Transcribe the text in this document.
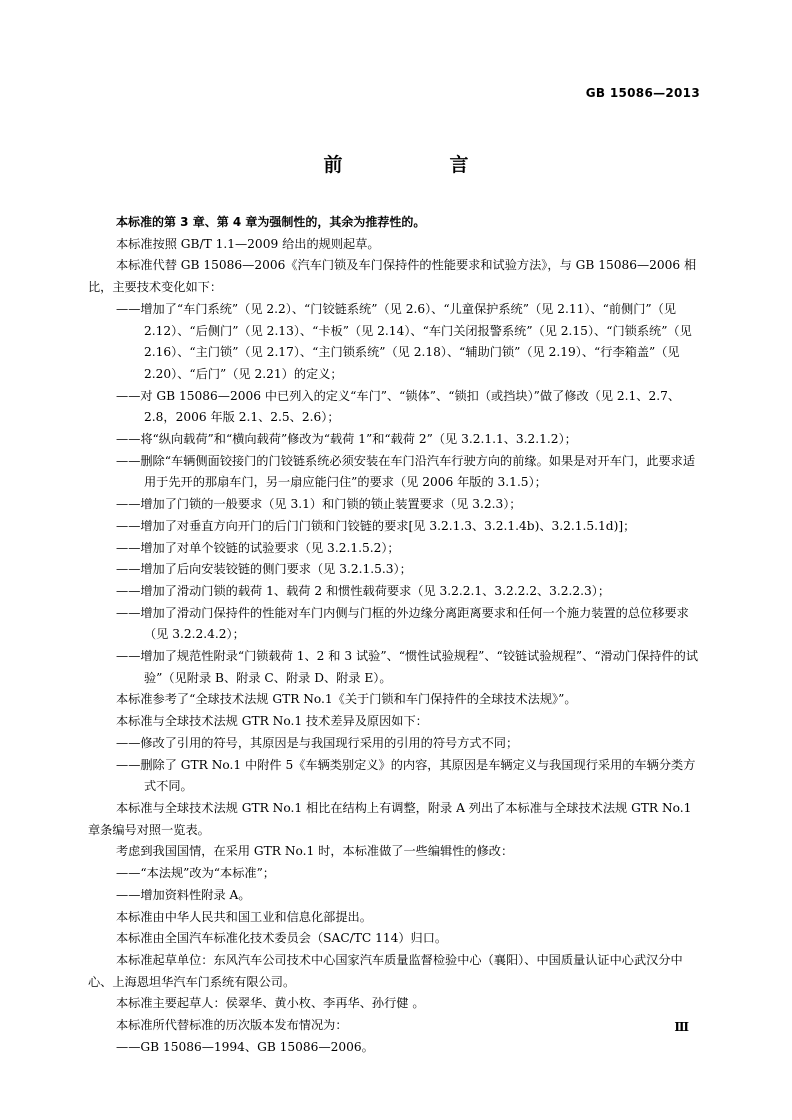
GB 15086—2013
前　言

本标准的第 3 章、第 4 章为强制性的，其余为推荐性的。

本标准按照 GB/T 1.1—2009 给出的规则起草。

本标准代替 GB 15086—2006《汽车门锁及车门保持件的性能要求和试验方法》，与 GB 15086—2006 相比，主要技术变化如下：

——增加了“车门系统”（见 2.2）、“门铰链系统”（见 2.6）、“儿童保护系统”（见 2.11）、“前侧门”（见 2.12）、“后侧门”（见 2.13）、“卡板”（见 2.14）、“车门关闭报警系统”（见 2.15）、“门锁系统”（见 2.16）、“主门锁”（见 2.17）、“主门锁系统”（见 2.18）、“辅助门锁”（见 2.19）、“行李箱盖”（见 2.20）、“后门”（见 2.21）的定义；

——对 GB 15086—2006 中已列入的定义“车门”、“锁体”、“锁扣（或挡块）”做了修改（见 2.1、2.7、2.8，2006 年版 2.1、2.5、2.6）；

——将“纵向载荷”和“横向载荷”修改为“载荷 1”和“载荷 2”（见 3.2.1.1、3.2.1.2）；

——删除“车辆侧面铰接门的门铰链系统必须安装在车门沿汽车行驶方向的前缘。如果是对开车门，此要求适用于先开的那扇车门，另一扇应能闩住”的要求（见 2006 年版的 3.1.5）；

——增加了门锁的一般要求（见 3.1）和门锁的锁止装置要求（见 3.2.3）；

——增加了对垂直方向开门的后门门锁和门铰链的要求[见 3.2.1.3、3.2.1.4b)、3.2.1.5.1d)]；

——增加了对单个铰链的试验要求（见 3.2.1.5.2）；

——增加了后向安装铰链的侧门要求（见 3.2.1.5.3）；

——增加了滑动门锁的载荷 1、载荷 2 和惯性载荷要求（见 3.2.2.1、3.2.2.2、3.2.2.3）；

——增加了滑动门保持件的性能对车门内侧与门框的外边缘分离距离要求和任何一个施力装置的总位移要求（见 3.2.2.4.2）；

——增加了规范性附录“门锁载荷 1、2 和 3 试验”、“惯性试验规程”、“铰链试验规程”、“滑动门保持件的试验”（见附录 B、附录 C、附录 D、附录 E）。

本标准参考了“全球技术法规 GTR No.1《关于门锁和车门保持件的全球技术法规》”。

本标准与全球技术法规 GTR No.1 技术差异及原因如下：

——修改了引用的符号，其原因是与我国现行采用的引用的符号方式不同；

——删除了 GTR No.1 中附件 5《车辆类别定义》的内容，其原因是车辆定义与我国现行采用的车辆分类方式不同。

本标准与全球技术法规 GTR No.1 相比在结构上有调整，附录 A 列出了本标准与全球技术法规 GTR No.1 章条编号对照一览表。

考虑到我国国情，在采用 GTR No.1 时，本标准做了一些编辑性的修改：

——“本法规”改为“本标准”；

——增加资料性附录 A。

本标准由中华人民共和国工业和信息化部提出。

本标准由全国汽车标准化技术委员会（SAC/TC 114）归口。

本标准起草单位：东风汽车公司技术中心国家汽车质量监督检验中心（襄阳）、中国质量认证中心武汉分中心、上海恩坦华汽车门系统有限公司。

本标准主要起草人：侯翠华、黄小枚、李再华、孙行健 。

本标准所代替标准的历次版本发布情况为：

——GB 15086—1994、GB 15086—2006。

Ⅲ
